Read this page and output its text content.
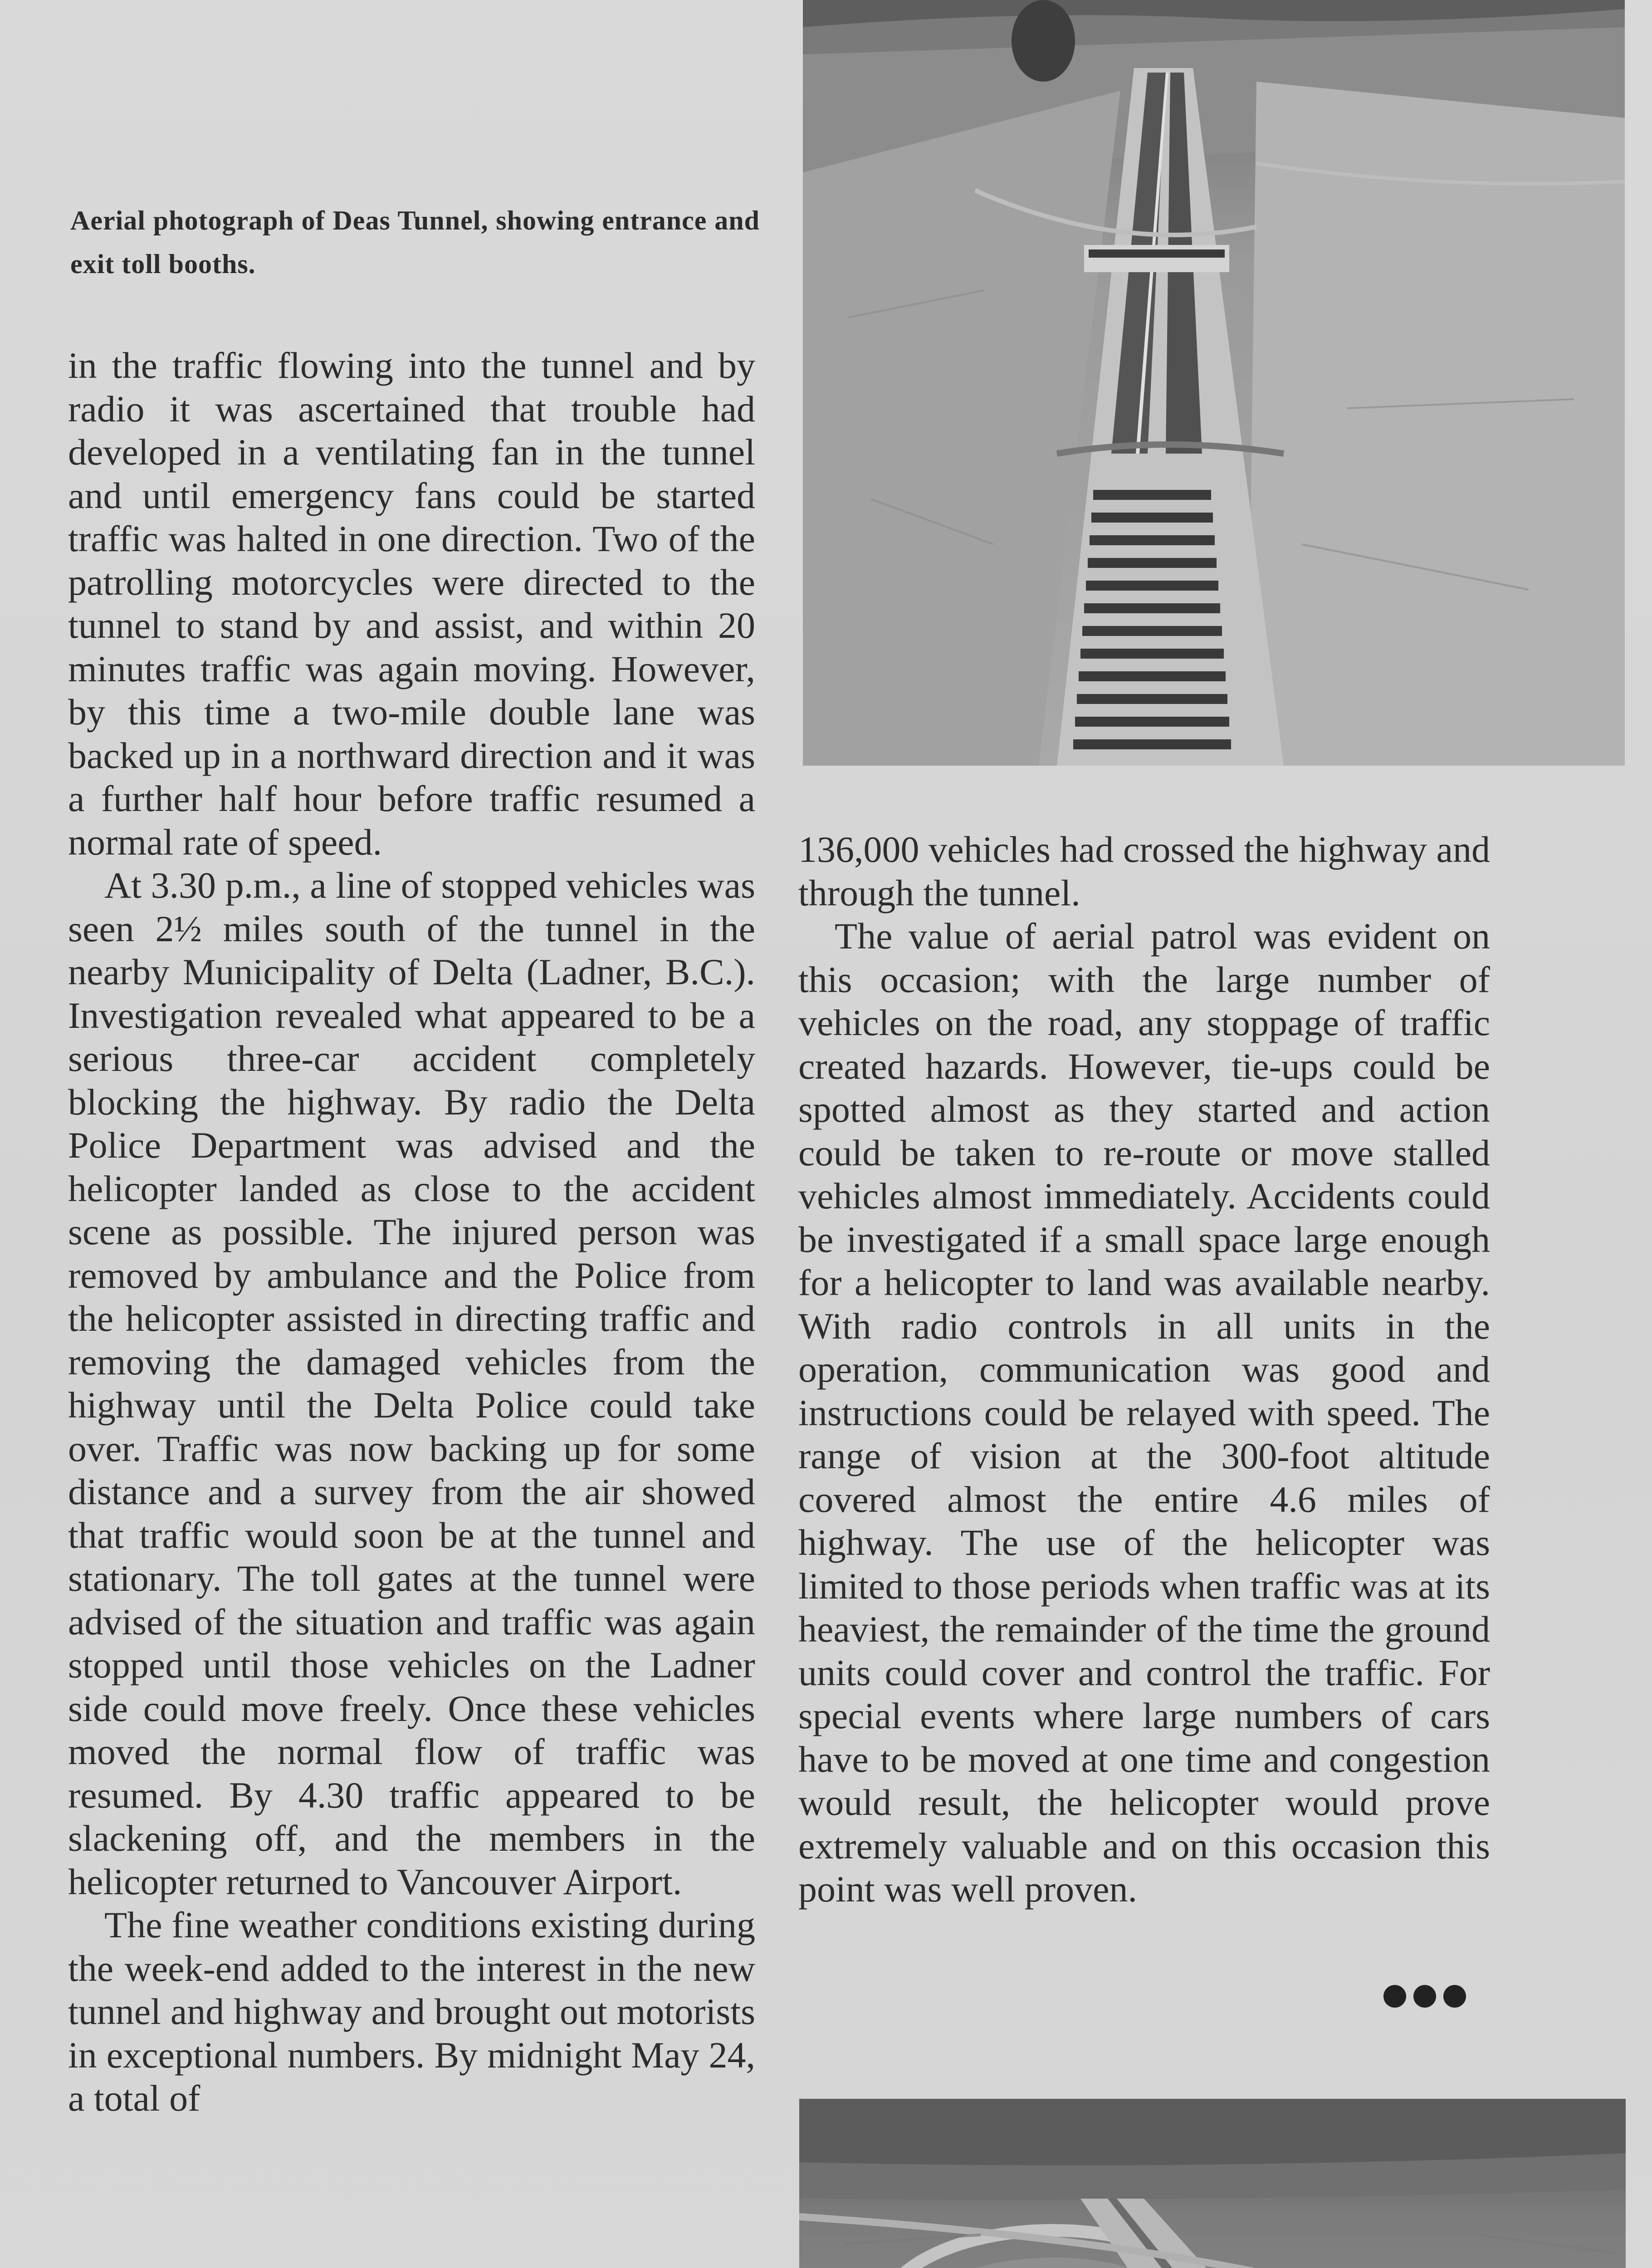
Aerial photograph of Deas Tunnel, showing entrance and exit toll booths.

in the traffic flowing into the tunnel and by radio it was ascertained that trouble had developed in a ventilating fan in the tunnel and until emergency fans could be started traffic was halted in one direction. Two of the patrolling motorcycles were directed to the tunnel to stand by and assist, and within 20 minutes traffic was again moving. However, by this time a two-mile double lane was backed up in a northward direction and it was a further half hour before traffic resumed a normal rate of speed.

At 3.30 p.m., a line of stopped vehicles was seen 2½ miles south of the tunnel in the nearby Municipality of Delta (Ladner, B.C.). Investigation revealed what appeared to be a serious three-car accident completely blocking the highway. By radio the Delta Police Department was advised and the helicopter landed as close to the accident scene as possible. The injured person was removed by ambulance and the Police from the helicopter assisted in directing traffic and removing the damaged vehicles from the highway until the Delta Police could take over. Traffic was now backing up for some distance and a survey from the air showed that traffic would soon be at the tunnel and stationary. The toll gates at the tunnel were advised of the situation and traffic was again stopped until those vehicles on the Ladner side could move freely. Once these vehicles moved the normal flow of traffic was resumed. By 4.30 traffic appeared to be slackening off, and the members in the helicopter returned to Vancouver Airport.

The fine weather conditions existing during the week-end added to the interest in the new tunnel and highway and brought out motorists in exceptional numbers. By midnight May 24, a total of

136,000 vehicles had crossed the highway and through the tunnel.

The value of aerial patrol was evident on this occasion; with the large number of vehicles on the road, any stoppage of traffic created hazards. However, tie-ups could be spotted almost as they started and action could be taken to re-route or move stalled vehicles almost immediately. Accidents could be investigated if a small space large enough for a helicopter to land was available nearby. With radio controls in all units in the operation, communication was good and instructions could be relayed with speed. The range of vision at the 300-foot altitude covered almost the entire 4.6 miles of highway. The use of the helicopter was limited to those periods when traffic was at its heaviest, the remainder of the time the ground units could cover and control the traffic. For special events where large numbers of cars have to be moved at one time and congestion would result, the helicopter would prove extremely valuable and on this occasion this point was well proven.
